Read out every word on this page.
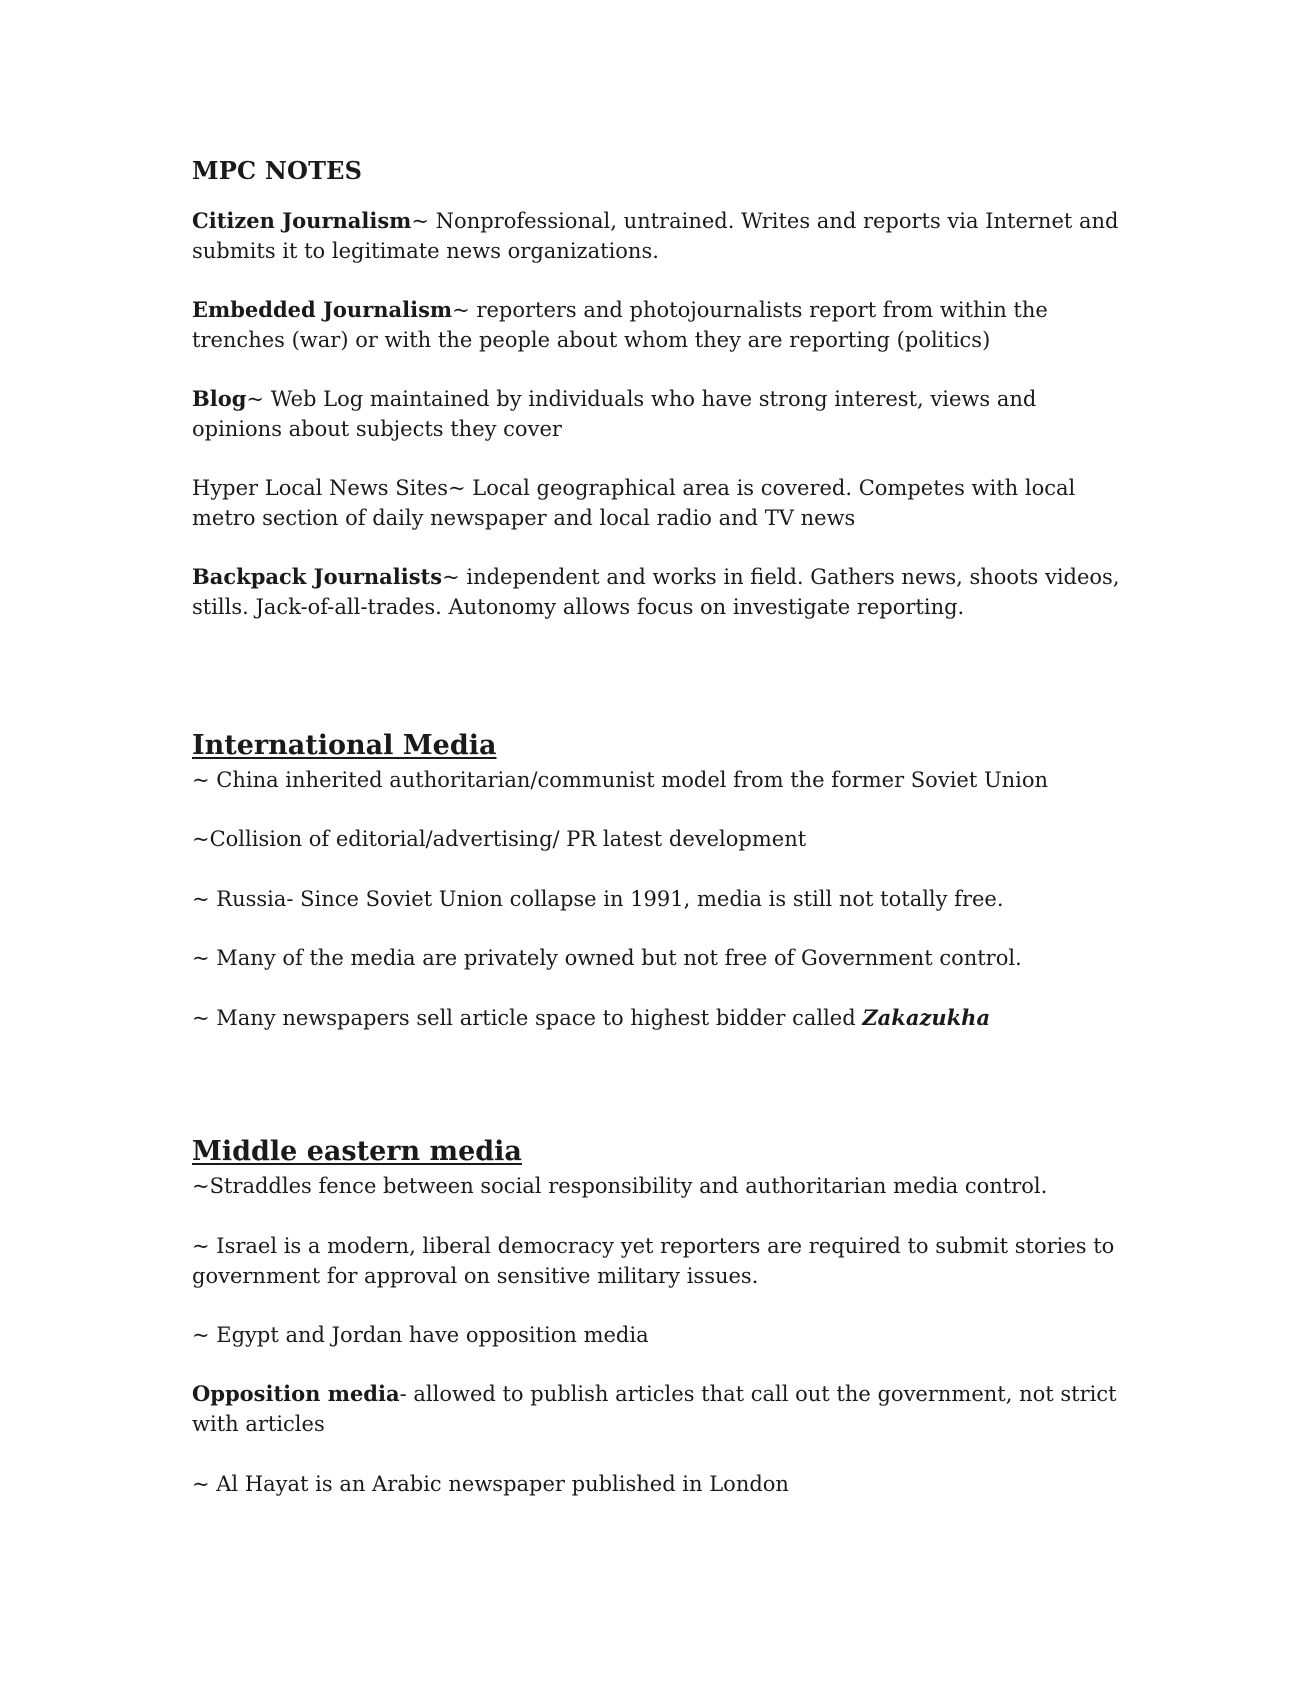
MPC NOTES

Citizen Journalism~ Nonprofessional, untrained. Writes and reports via Internet and submits it to legitimate news organizations.

Embedded Journalism~ reporters and photojournalists report from within the trenches (war) or with the people about whom they are reporting (politics)

Blog~ Web Log maintained by individuals who have strong interest, views and opinions about subjects they cover

Hyper Local News Sites~ Local geographical area is covered. Competes with local metro section of daily newspaper and local radio and TV news

Backpack Journalists~ independent and works in field. Gathers news, shoots videos, stills. Jack-of-all-trades. Autonomy allows focus on investigate reporting.

International Media

~ China inherited authoritarian/communist model from the former Soviet Union

~Collision of editorial/advertising/ PR latest development

~ Russia- Since Soviet Union collapse in 1991, media is still not totally free.

~ Many of the media are privately owned but not free of Government control.

~ Many newspapers sell article space to highest bidder called Zakazukha

Middle eastern media

~Straddles fence between social responsibility and authoritarian media control.

~ Israel is a modern, liberal democracy yet reporters are required to submit stories to government for approval on sensitive military issues.

~ Egypt and Jordan have opposition media

Opposition media- allowed to publish articles that call out the government, not strict with articles

~ Al Hayat is an Arabic newspaper published in London
